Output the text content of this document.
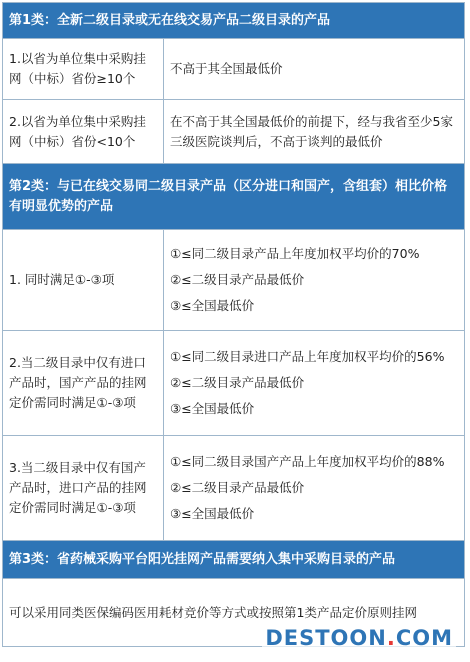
第1类：全新二级目录或无在线交易产品二级目录的产品	
1.以省为单位集中采购挂网（中标）省份≥10个	不高于其全国最低价
2.以省为单位集中采购挂网（中标）省份<10个	在不高于其全国最低价的前提下，经与我省至少5家三级医院谈判后，不高于谈判的最低价
第2类：与已在线交易同二级目录产品（区分进口和国产，含组套）相比价格有明显优势的产品	
1. 同时满足①-③项	①≤同二级目录产品上年度加权平均价的70%

②≤二级目录产品最低价

③≤全国最低价

2.当二级目录中仅有进口产品时，国产产品的挂网定价需同时满足①-③项	①≤同二级目录进口产品上年度加权平均价的56%

②≤二级目录产品最低价

③≤全国最低价

3.当二级目录中仅有国产产品时，进口产品的挂网定价需同时满足①-③项	①≤同二级目录国产产品上年度加权平均价的88%

②≤二级目录产品最低价

③≤全国最低价

第3类：省药械采购平台阳光挂网产品需要纳入集中采购目录的产品	
可以采用同类医保编码医用耗材竞价等方式或按照第1类产品定价原则挂网	
DESTOON.COM
